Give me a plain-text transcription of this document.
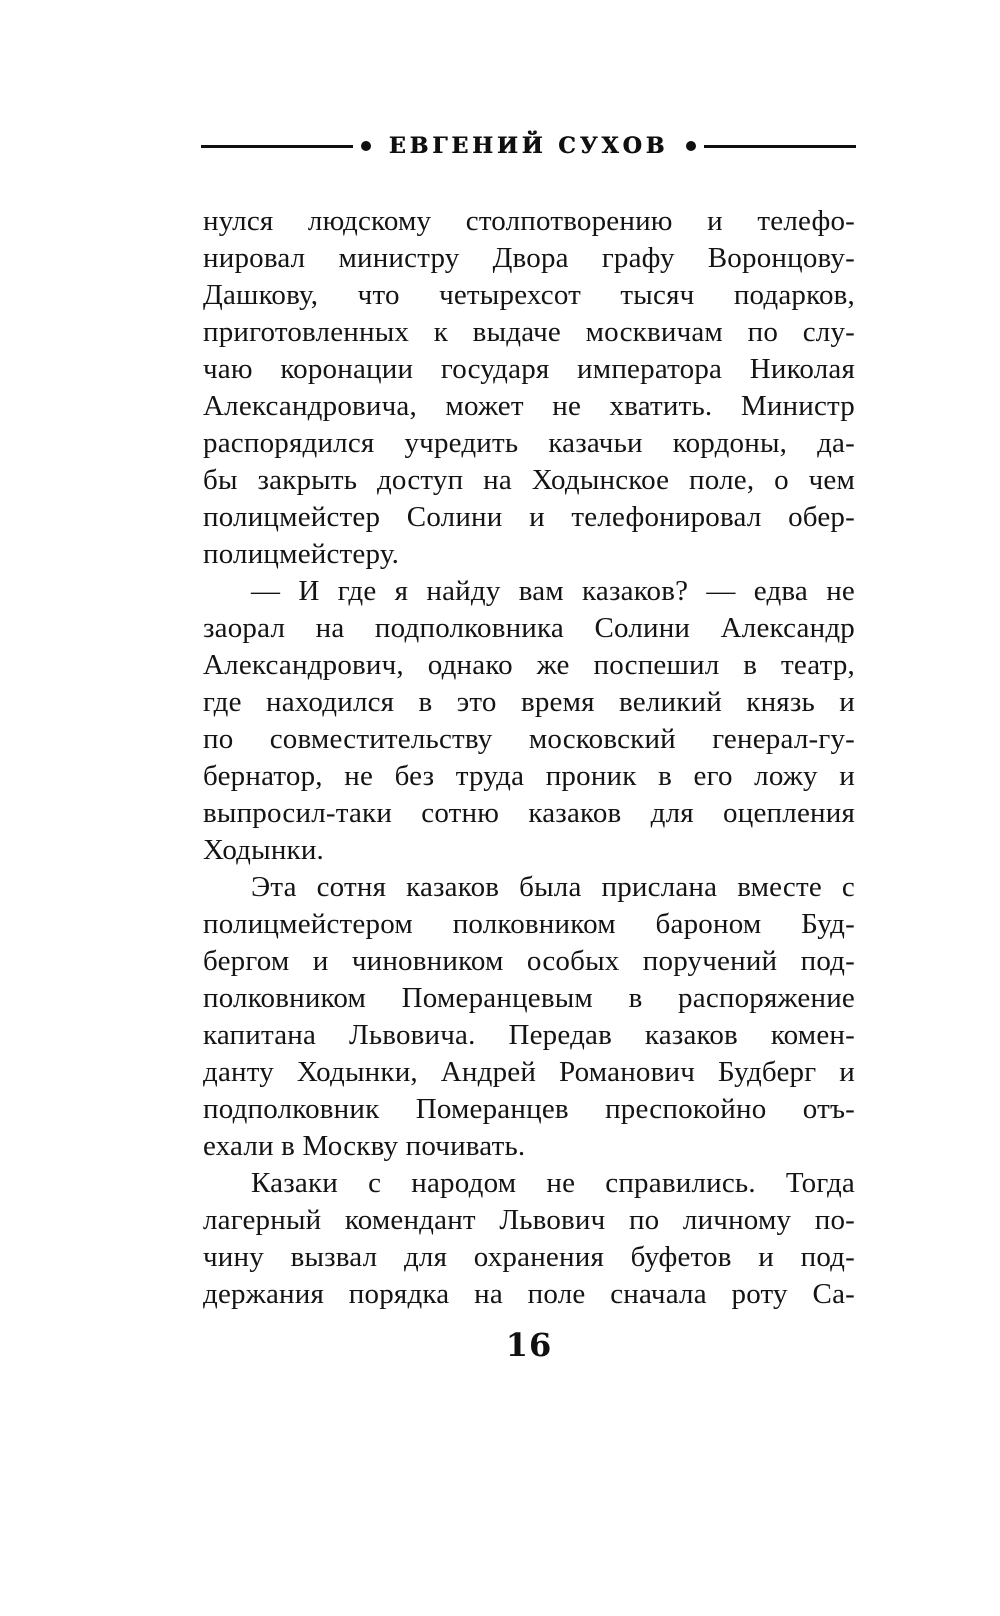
ЕВГЕНИЙ СУХОВ
нулся людскому столпотворению и телефо-
нировал министру Двора графу Воронцову-
Дашкову, что четырехсот тысяч подарков,
приготовленных к выдаче москвичам по слу-
чаю коронации государя императора Николая
Александровича, может не хватить. Министр
распорядился учредить казачьи кордоны, да-
бы закрыть доступ на Ходынское поле, о чем
полицмейстер Солини и телефонировал обер-
полицмейстеру.
— И где я найду вам казаков? — едва не
заорал на подполковника Солини Александр
Александрович, однако же поспешил в театр,
где находился в это время великий князь и
по совместительству московский генерал-гу-
бернатор, не без труда проник в его ложу и
выпросил-таки сотню казаков для оцепления
Ходынки.
Эта сотня казаков была прислана вместе с
полицмейстером полковником бароном Буд-
бергом и чиновником особых поручений под-
полковником Померанцевым в распоряжение
капитана Львовича. Передав казаков комен-
данту Ходынки, Андрей Романович Будберг и
подполковник Померанцев преспокойно отъ-
ехали в Москву почивать.
Казаки с народом не справились. Тогда
лагерный комендант Львович по личному по-
чину вызвал для охранения буфетов и под-
держания порядка на поле сначала роту Са-
16
